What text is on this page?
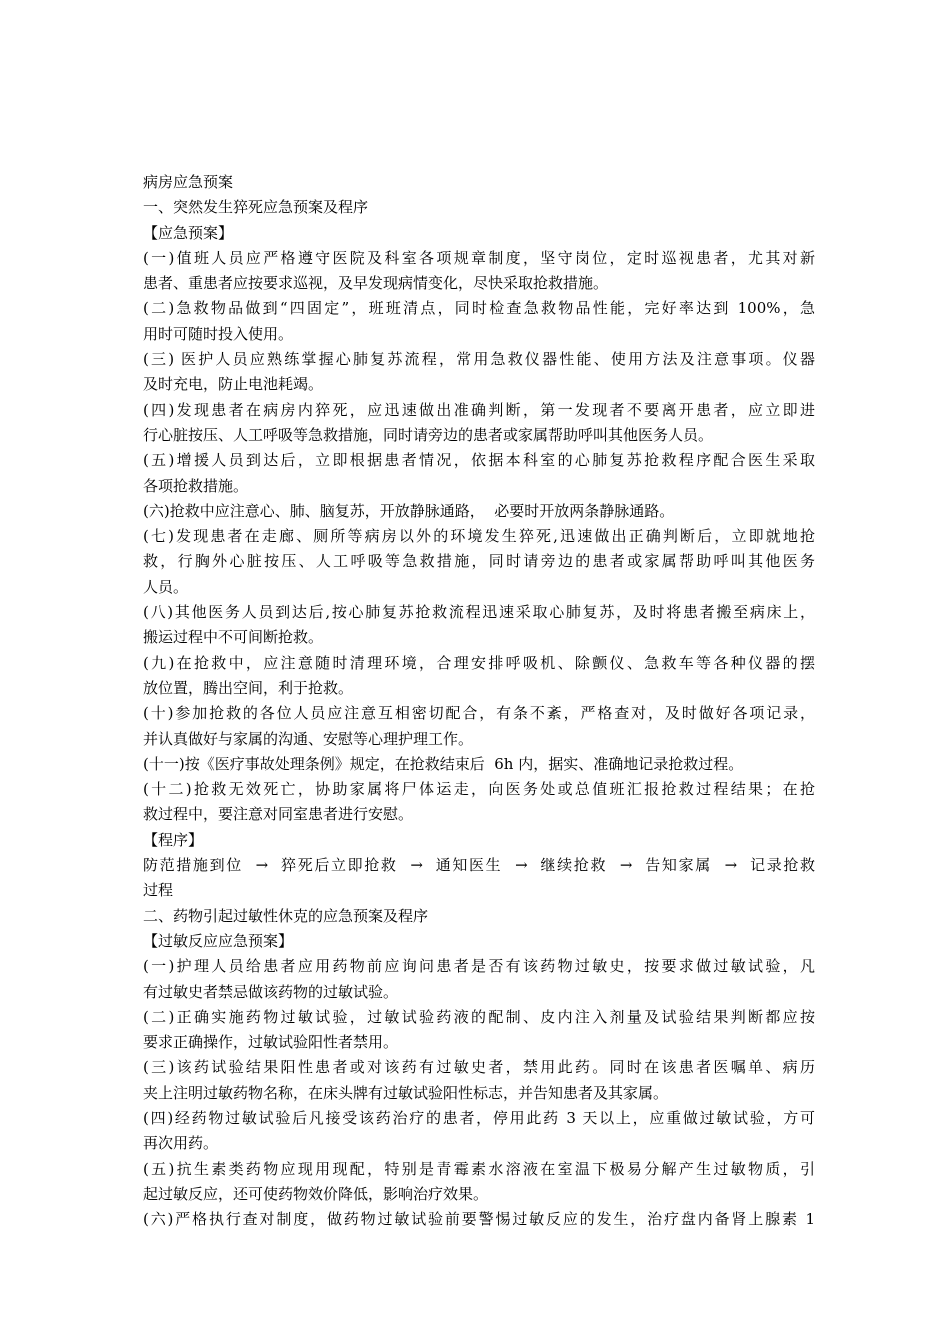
病房应急预案
一、突然发生猝死应急预案及程序
【应急预案】
(一)值班人员应严格遵守医院及科室各项规章制度，坚守岗位，定时巡视患者，尤其对新
患者、重患者应按要求巡视，及早发现病情变化，尽快采取抢救措施。
(二)急救物品做到“四固定”，班班清点，同时检查急救物品性能，完好率达到 100%，急
用时可随时投入使用。
(三) 医护人员应熟练掌握心肺复苏流程，常用急救仪器性能、使用方法及注意事项。仪器
及时充电，防止电池耗竭。
(四)发现患者在病房内猝死，应迅速做出准确判断，第一发现者不要离开患者，应立即进
行心脏按压、人工呼吸等急救措施，同时请旁边的患者或家属帮助呼叫其他医务人员。
(五)增援人员到达后，立即根据患者情况，依据本科室的心肺复苏抢救程序配合医生采取
各项抢救措施。
(六)抢救中应注意心、肺、脑复苏，开放静脉通路，  必要时开放两条静脉通路。
(七)发现患者在走廊、厕所等病房以外的环境发生猝死,迅速做出正确判断后，立即就地抢
救，行胸外心脏按压、人工呼吸等急救措施，同时请旁边的患者或家属帮助呼叫其他医务
人员。
(八)其他医务人员到达后,按心肺复苏抢救流程迅速采取心肺复苏，及时将患者搬至病床上，
搬运过程中不可间断抢救。
(九)在抢救中，应注意随时清理环境，合理安排呼吸机、除颤仪、急救车等各种仪器的摆
放位置，腾出空间，利于抢救。
(十)参加抢救的各位人员应注意互相密切配合，有条不紊，严格查对，及时做好各项记录，
并认真做好与家属的沟通、安慰等心理护理工作。
(十一)按《医疗事故处理条例》规定，在抢救结束后  6h 内，据实、准确地记录抢救过程。
(十二)抢救无效死亡，协助家属将尸体运走，向医务处或总值班汇报抢救过程结果；在抢
救过程中，要注意对同室患者进行安慰。
【程序】
防范措施到位  →  猝死后立即抢救  →  通知医生  →  继续抢救  →  告知家属  →  记录抢救
过程
二、药物引起过敏性休克的应急预案及程序
【过敏反应应急预案】
(一)护理人员给患者应用药物前应询问患者是否有该药物过敏史，按要求做过敏试验，凡
有过敏史者禁忌做该药物的过敏试验。
(二)正确实施药物过敏试验，过敏试验药液的配制、皮内注入剂量及试验结果判断都应按
要求正确操作，过敏试验阳性者禁用。
(三)该药试验结果阳性患者或对该药有过敏史者，禁用此药。同时在该患者医嘱单、病历
夹上注明过敏药物名称，在床头牌有过敏试验阳性标志，并告知患者及其家属。
(四)经药物过敏试验后凡接受该药治疗的患者，停用此药 3 天以上，应重做过敏试验，方可
再次用药。
(五)抗生素类药物应现用现配，特别是青霉素水溶液在室温下极易分解产生过敏物质，引
起过敏反应，还可使药物效价降低，影响治疗效果。
(六)严格执行查对制度，做药物过敏试验前要警惕过敏反应的发生，治疗盘内备肾上腺素 1
